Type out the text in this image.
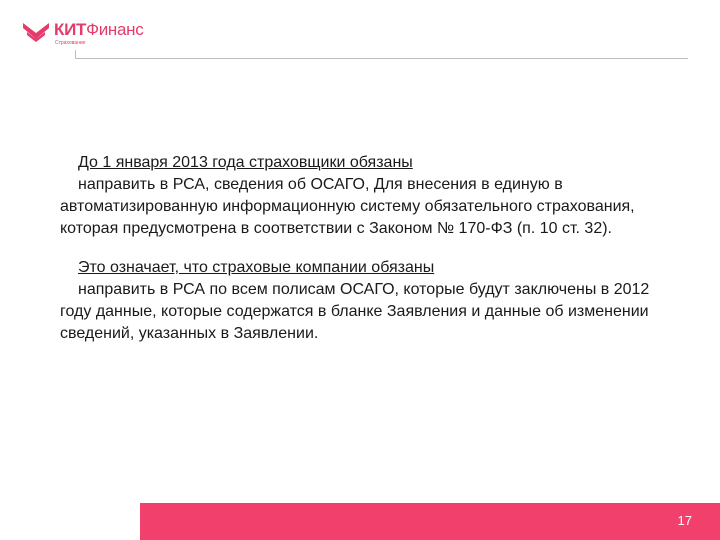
КИТФинанс
Страхование

До 1 января 2013 года страховщики обязаны
направить в РСА, сведения об ОСАГО, Для внесения в единую в автоматизированную информационную систему обязательного страхования, которая предусмотрена в соответствии с Законом № 170-ФЗ (п. 10 ст. 32).

Это означает, что страховые компании обязаны
направить в РСА по всем полисам ОСАГО, которые будут заключены в 2012 году данные, которые содержатся в бланке Заявления и данные об изменении сведений, указанных в Заявлении.

17
